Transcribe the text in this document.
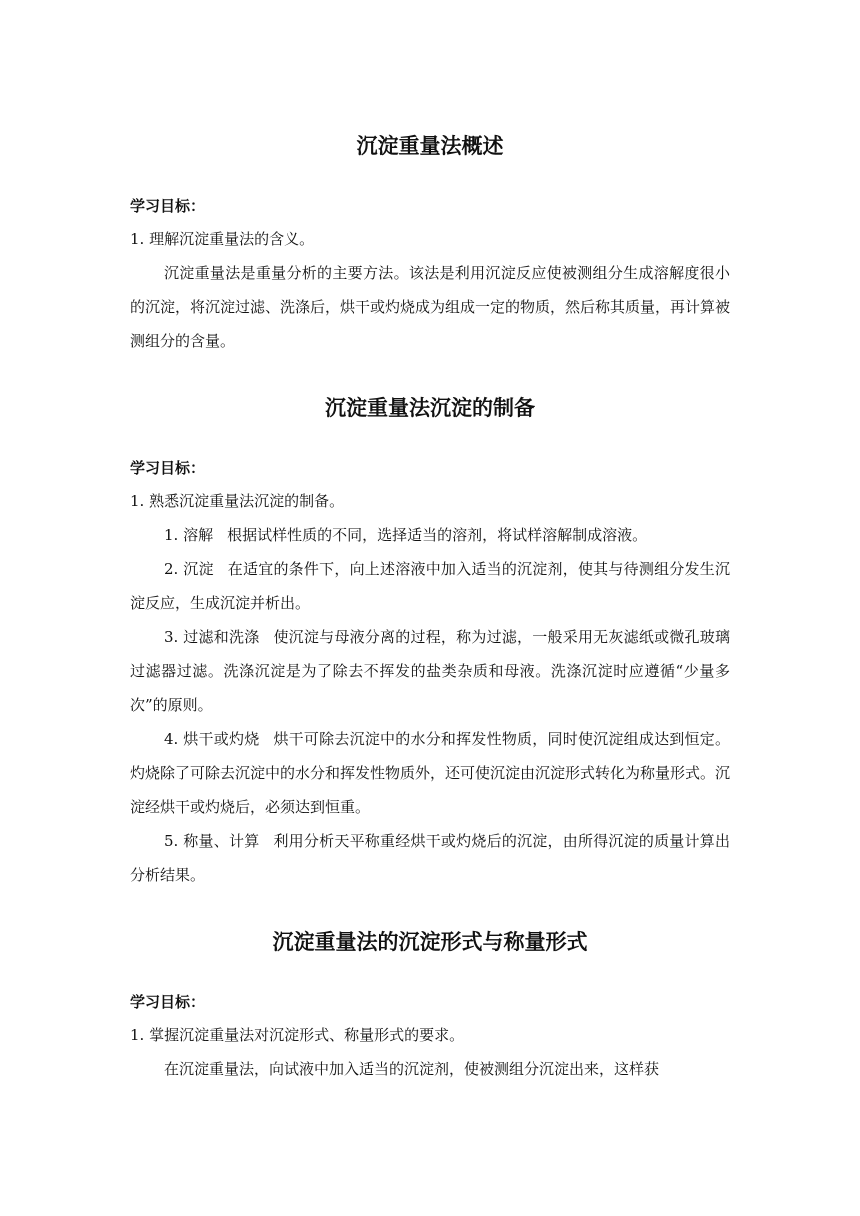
沉淀重量法概述
学习目标：
1. 理解沉淀重量法的含义。

沉淀重量法是重量分析的主要方法。该法是利用沉淀反应使被测组分生成溶解度很小的沉淀，将沉淀过滤、洗涤后，烘干或灼烧成为组成一定的物质，然后称其质量，再计算被测组分的含量。

沉淀重量法沉淀的制备
学习目标：
1. 熟悉沉淀重量法沉淀的制备。

1. 溶解 根据试样性质的不同，选择适当的溶剂，将试样溶解制成溶液。

2. 沉淀 在适宜的条件下，向上述溶液中加入适当的沉淀剂，使其与待测组分发生沉淀反应，生成沉淀并析出。

3. 过滤和洗涤 使沉淀与母液分离的过程，称为过滤，一般采用无灰滤纸或微孔玻璃过滤器过滤。洗涤沉淀是为了除去不挥发的盐类杂质和母液。洗涤沉淀时应遵循“少量多次”的原则。

4. 烘干或灼烧 烘干可除去沉淀中的水分和挥发性物质，同时使沉淀组成达到恒定。灼烧除了可除去沉淀中的水分和挥发性物质外，还可使沉淀由沉淀形式转化为称量形式。沉淀经烘干或灼烧后，必须达到恒重。

5. 称量、计算 利用分析天平称重经烘干或灼烧后的沉淀，由所得沉淀的质量计算出分析结果。

沉淀重量法的沉淀形式与称量形式
学习目标：
1. 掌握沉淀重量法对沉淀形式、称量形式的要求。

在沉淀重量法，向试液中加入适当的沉淀剂，使被测组分沉淀出来，这样获
